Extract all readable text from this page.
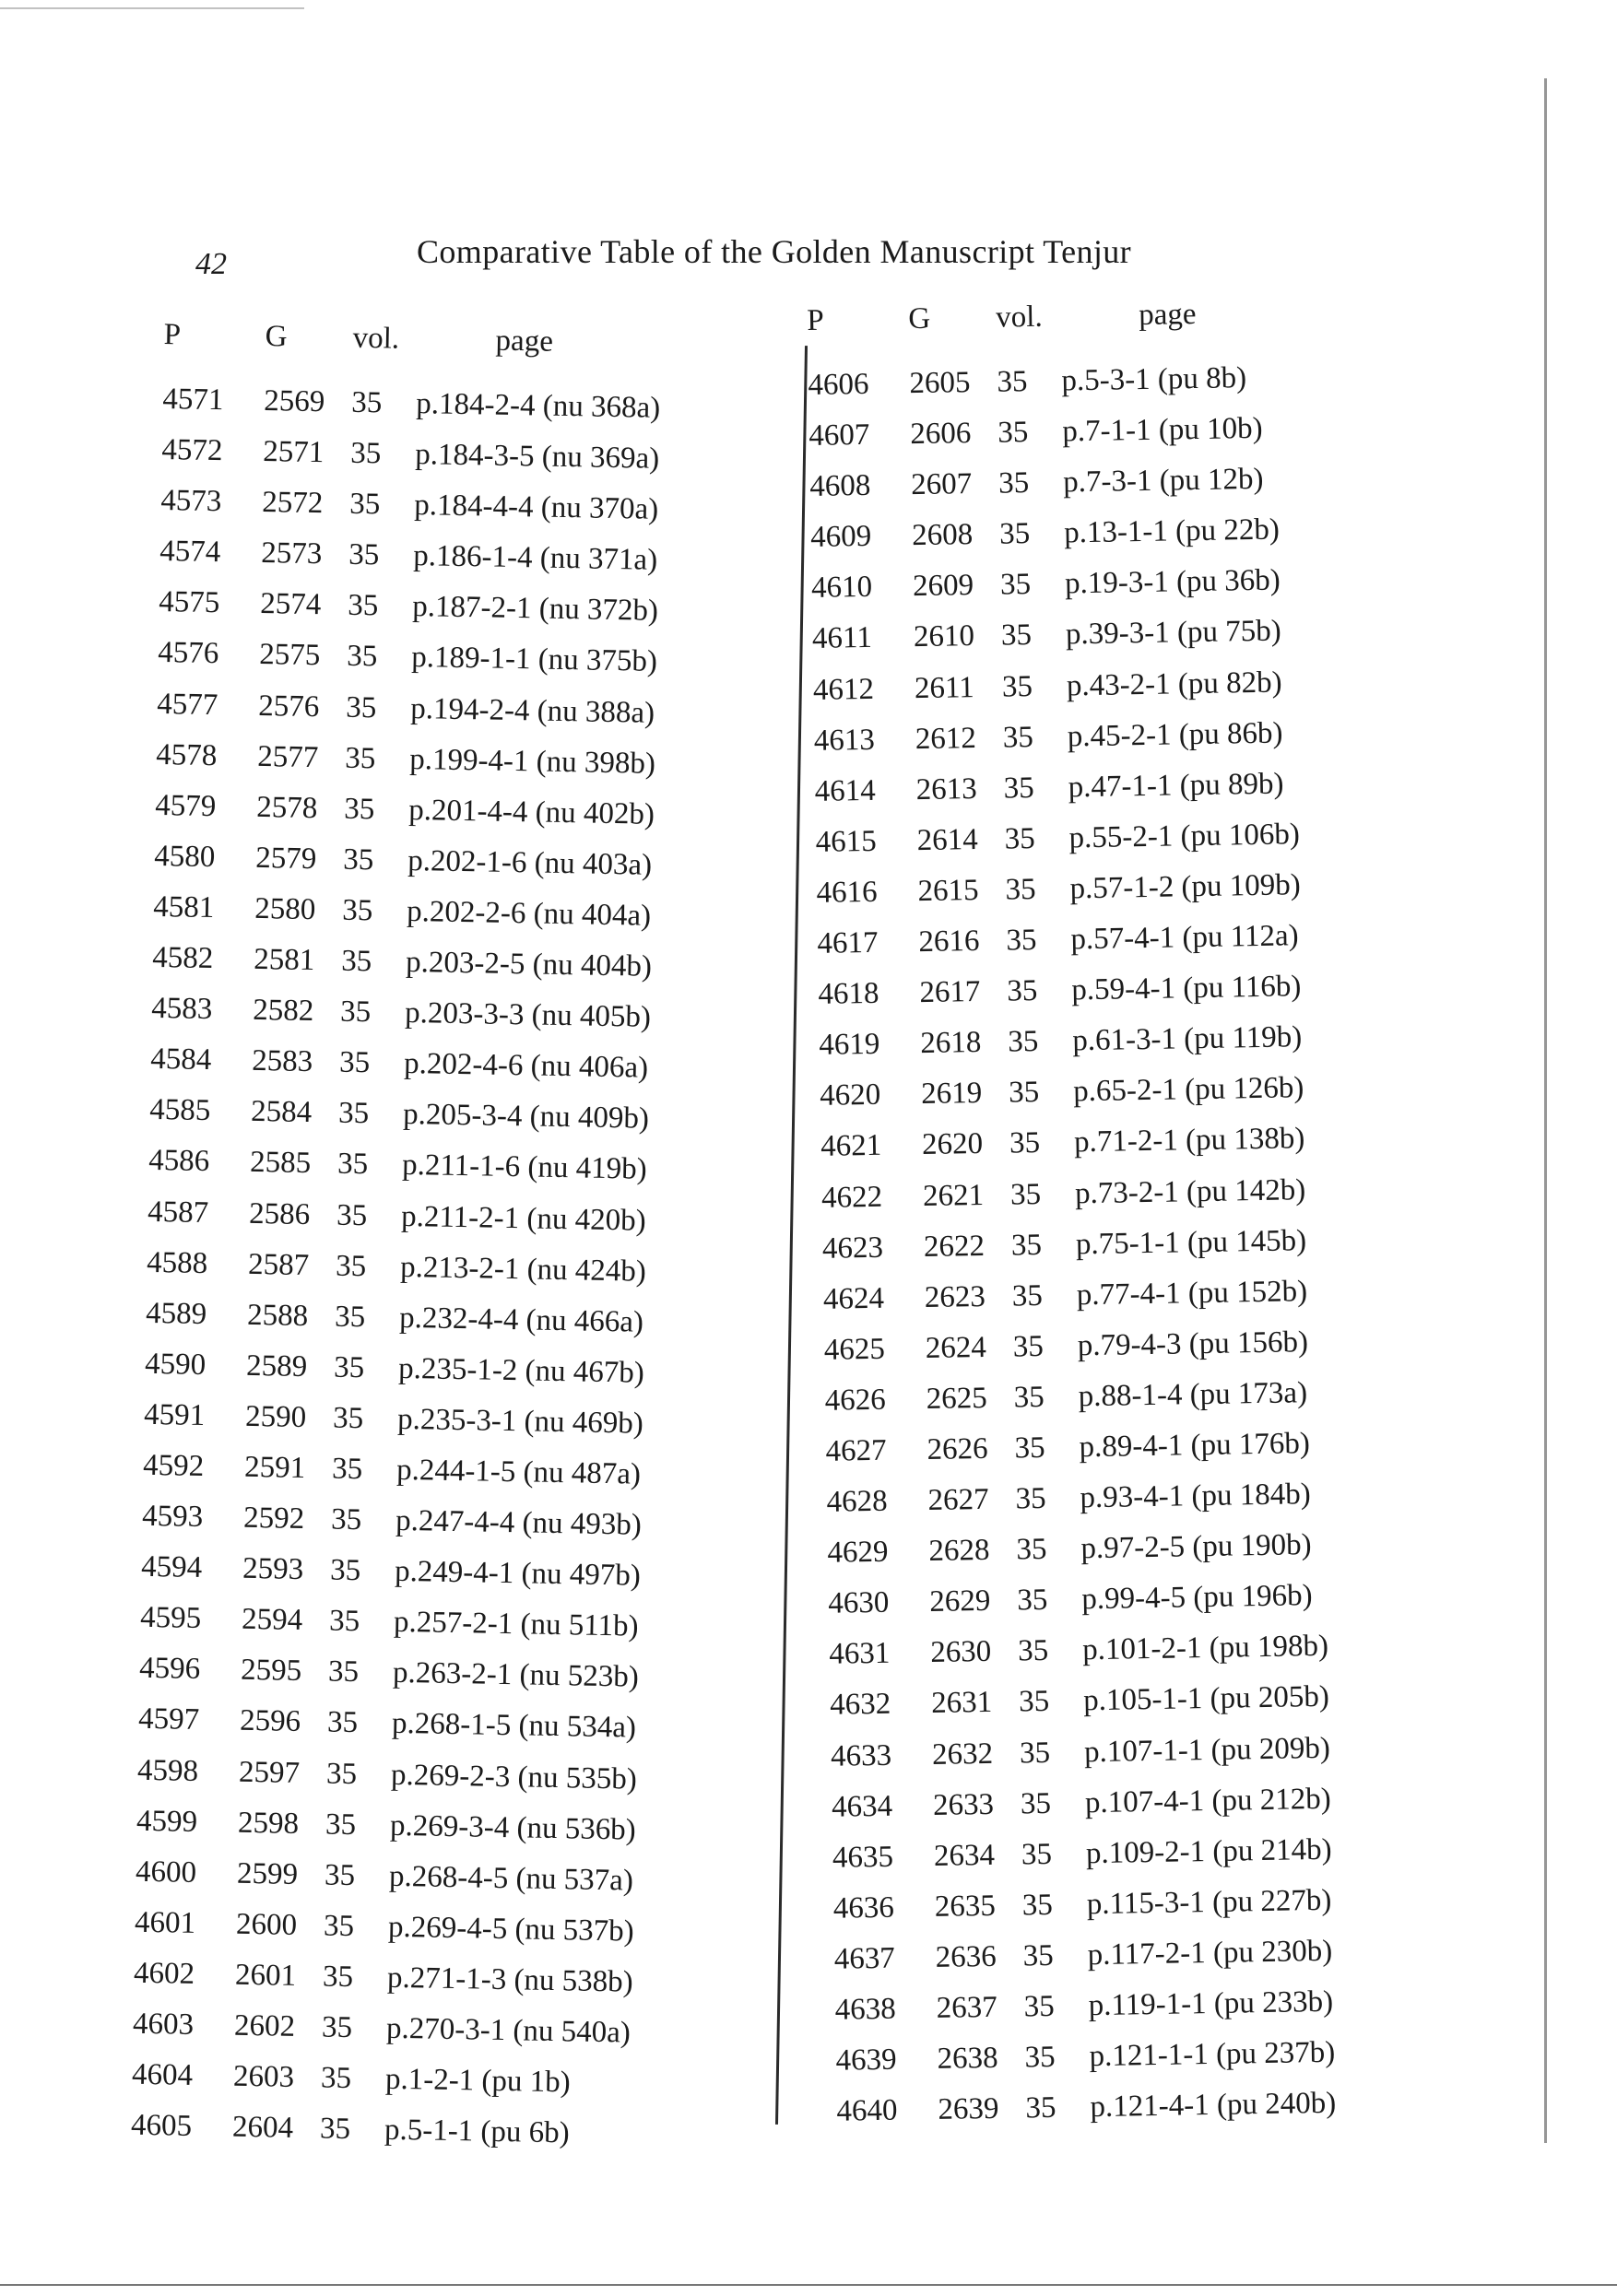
42	Comparative Table of the Golden Manuscript Tenjur
P	G vol.	page
4571 2569 35 p.184-2-4 (nu 368a)
4572 2571 35 p.184-3-5 (nu 369a)
4573 2572 35 p.184-4-4 (nu 370a)
4574 2573 35 p.186-1-4 (nu 371a)
4575 2574 35 p.187-2-1 (nu 372b)
4576 2575 35 p.189-1-1 (nu 375b)
4577 2576 35 p.194-2-4 (nu 388a)
4578 2577 35 p.199-4-1 (nu 398b)
4579 2578 35 p.201-4-4 (nu 402b)
4580 2579 35 p.202-1-6 (nu 403a)
4581 2580 35 p.202-2-6 (nu 404a)
4582 2581 35 p.203-2-5 (nu 404b)
4583 2582 35 p.203-3-3 (nu 405b)
4584 2583 35 p.202-4-6 (nu 406a)
4585 2584 35 p.205-3-4 (nu 409b)
4586 2585 35 p.211-1-6 (nu 419b)
4587 2586 35 p.211-2-1 (nu 420b)
4588 2587 35 p.213-2-1 (nu 424b)
4589 2588 35 p.232-4-4 (nu 466a)
4590 2589 35 p.235-1-2 (nu 467b)
4591 2590 35 p.235-3-1 (nu 469b)
4592 2591 35 p.244-1-5 (nu 487a)
4593 2592 35 p.247-4-4 (nu 493b)
4594 2593 35 p.249-4-1 (nu 497b)
4595 2594 35 p.257-2-1 (nu 511b)
4596 2595 35 p.263-2-1 (nu 523b)
4597 2596 35 p.268-1-5 (nu 534a)
4598 2597 35 p.269-2-3 (nu 535b)
4599 2598 35 p.269-3-4 (nu 536b)
4600 2599 35 p.268-4-5 (nu 537a)
4601 2600 35 p.269-4-5 (nu 537b)
4602 2601 35 p.271-1-3 (nu 538b)
4603 2602 35 p.270-3-1 (nu 540a)
4604 2603 35 p.1-2-1 (pu 1b)
4605 2604 35 p.5-1-1 (pu 6b)
P	G vol.	page
4606 2605 35 p.5-3-1 (pu 8b)
4607 2606 35 p.7-1-1 (pu 10b)
4608 2607 35 p.7-3-1 (pu 12b)
4609 2608 35 p.13-1-1 (pu 22b)
4610 2609 35 p.19-3-1 (pu 36b)
4611 2610 35 p.39-3-1 (pu 75b)
4612 2611 35 p.43-2-1 (pu 82b)
4613 2612 35 p.45-2-1 (pu 86b)
4614 2613 35 p.47-1-1 (pu 89b)
4615 2614 35 p.55-2-1 (pu 106b)
4616 2615 35 p.57-1-2 (pu 109b)
4617 2616 35 p.57-4-1 (pu 112a)
4618 2617 35 p.59-4-1 (pu 116b)
4619 2618 35 p.61-3-1 (pu 119b)
4620 2619 35 p.65-2-1 (pu 126b)
4621 2620 35 p.71-2-1 (pu 138b)
4622 2621 35 p.73-2-1 (pu 142b)
4623 2622 35 p.75-1-1 (pu 145b)
4624 2623 35 p.77-4-1 (pu 152b)
4625 2624 35 p.79-4-3 (pu 156b)
4626 2625 35 p.88-1-4 (pu 173a)
4627 2626 35 p.89-4-1 (pu 176b)
4628 2627 35 p.93-4-1 (pu 184b)
4629 2628 35 p.97-2-5 (pu 190b)
4630 2629 35 p.99-4-5 (pu 196b)
4631 2630 35 p.101-2-1 (pu 198b)
4632 2631 35 p.105-1-1 (pu 205b)
4633 2632 35 p.107-1-1 (pu 209b)
4634 2633 35 p.107-4-1 (pu 212b)
4635 2634 35 p.109-2-1 (pu 214b)
4636 2635 35 p.115-3-1 (pu 227b)
4637 2636 35 p.117-2-1 (pu 230b)
4638 2637 35 p.119-1-1 (pu 233b)
4639 2638 35 p.121-1-1 (pu 237b)
4640 2639 35 p.121-4-1 (pu 240b)
